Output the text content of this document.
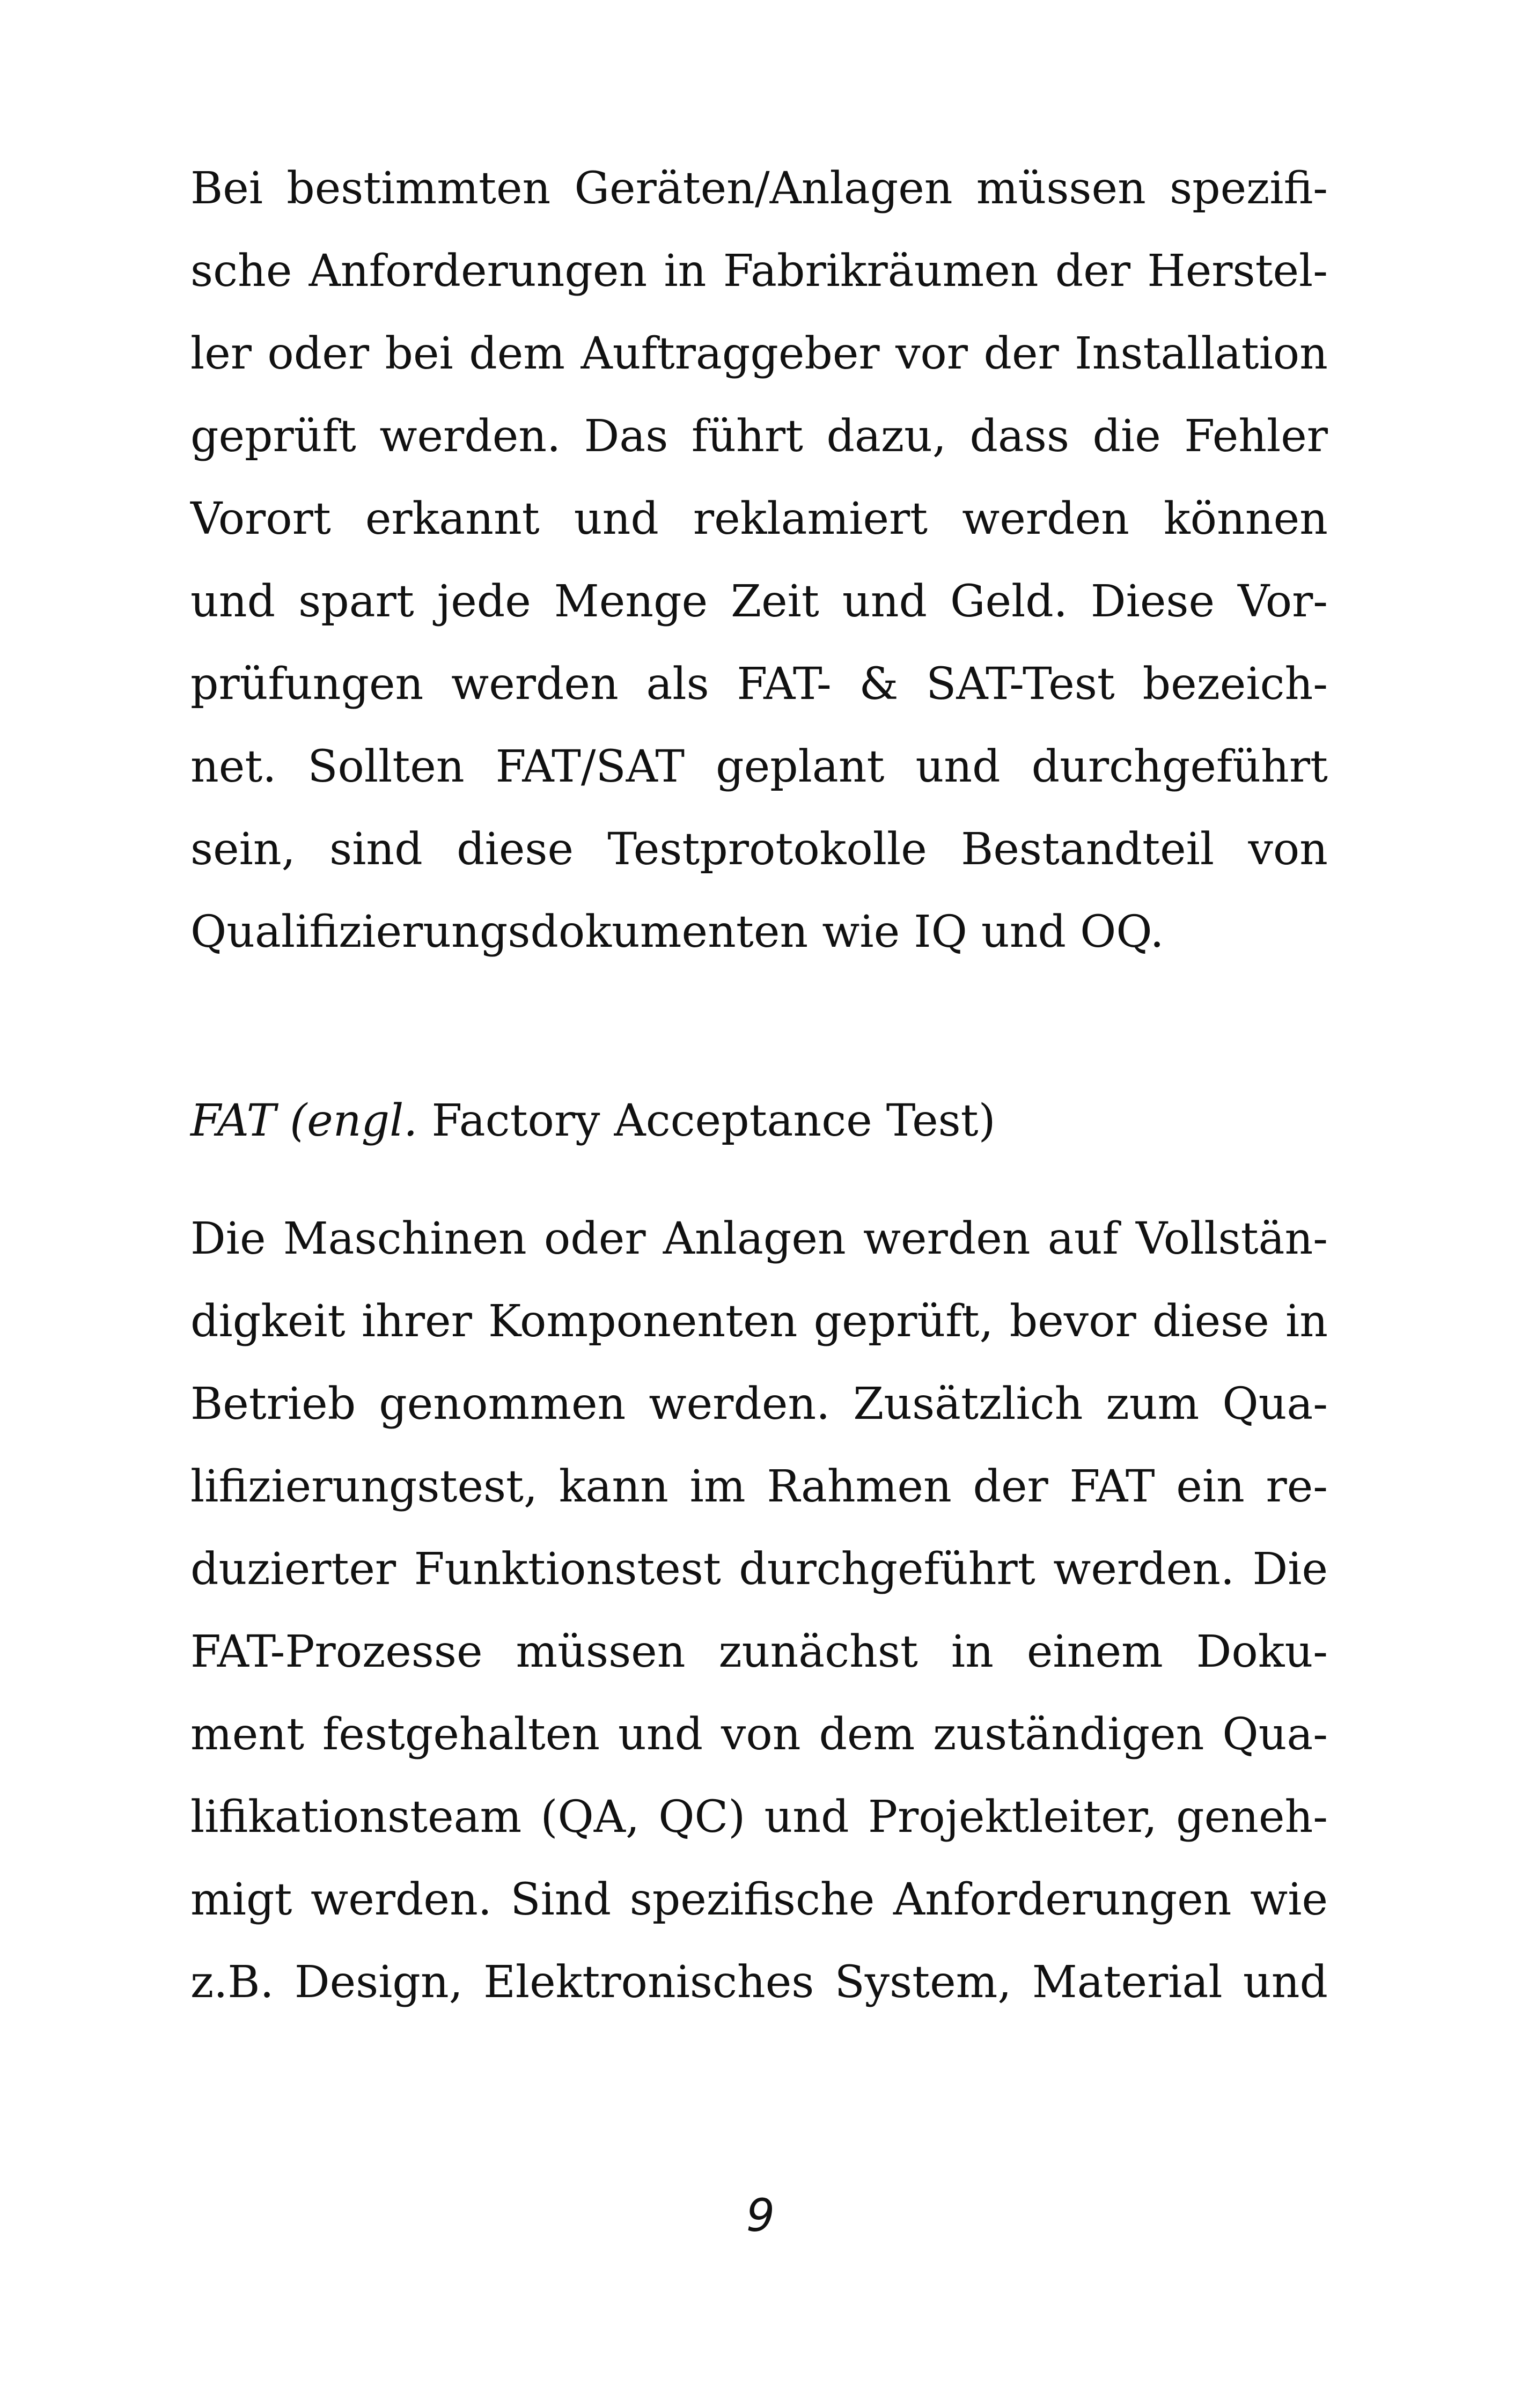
Bei bestimmten Geräten/Anlagen müssen spezifi-
sche Anforderungen in Fabrikräumen der Herstel-
ler oder bei dem Auftraggeber vor der Installation
geprüft werden. Das führt dazu, dass die Fehler
Vorort erkannt und reklamiert werden können
und spart jede Menge Zeit und Geld. Diese Vor-
prüfungen werden als FAT- & SAT-Test bezeich-
net. Sollten FAT/SAT geplant und durchgeführt
sein, sind diese Testprotokolle Bestandteil von
Qualifizierungsdokumenten wie IQ und OQ.
FAT (engl. Factory Acceptance Test)
Die Maschinen oder Anlagen werden auf Vollstän-
digkeit ihrer Komponenten geprüft, bevor diese in
Betrieb genommen werden. Zusätzlich zum Qua-
lifizierungstest, kann im Rahmen der FAT ein re-
duzierter Funktionstest durchgeführt werden. Die
FAT-Prozesse müssen zunächst in einem Doku-
ment festgehalten und von dem zuständigen Qua-
lifikationsteam (QA, QC) und Projektleiter, geneh-
migt werden. Sind spezifische Anforderungen wie
z.B. Design, Elektronisches System, Material und
9
